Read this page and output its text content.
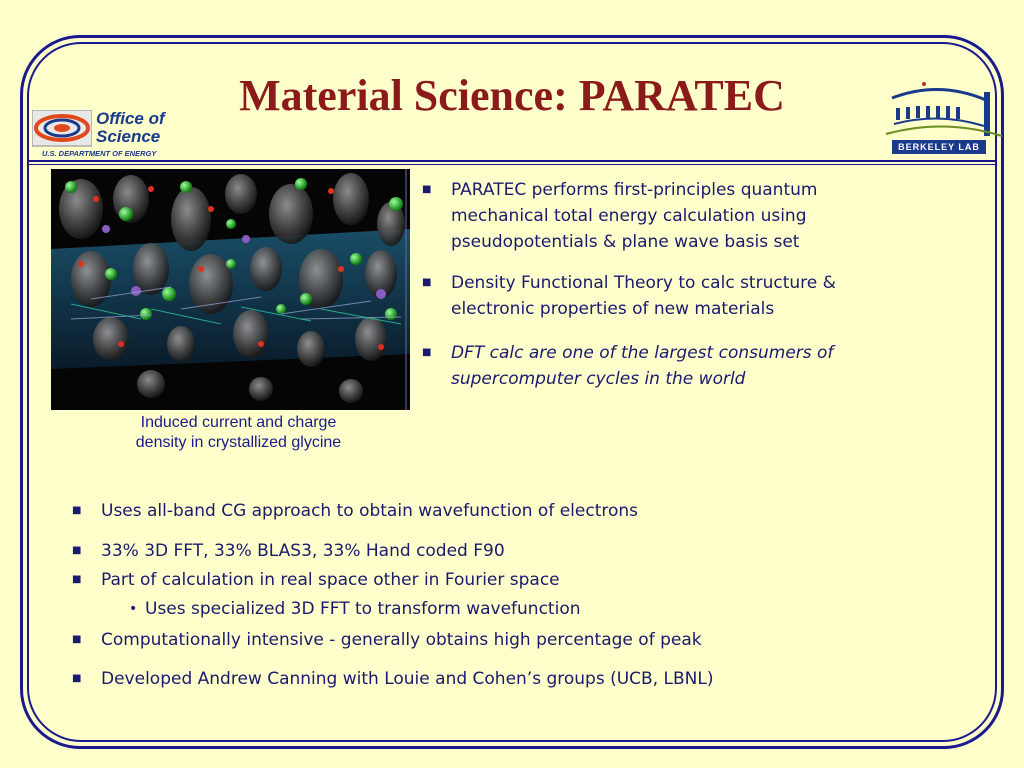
Material Science: PARATEC
Office of
Science
U.S. DEPARTMENT OF ENERGY
BERKELEY LAB
Induced current and charge
density in crystallized glycine
■ PARATEC performs first-principles quantum mechanical total energy calculation using pseudopotentials & plane wave basis set
■ Density Functional Theory to calc structure & electronic properties of new materials
■ DFT calc are one of the largest consumers of supercomputer cycles in the world
■ Uses all-band CG approach to obtain wavefunction of electrons
■ 33% 3D FFT, 33% BLAS3, 33% Hand coded F90
■ Part of calculation in real space other in Fourier space
• Uses specialized 3D FFT to transform wavefunction
■ Computationally intensive - generally obtains high percentage of peak
■ Developed Andrew Canning with Louie and Cohen’s groups (UCB, LBNL)
